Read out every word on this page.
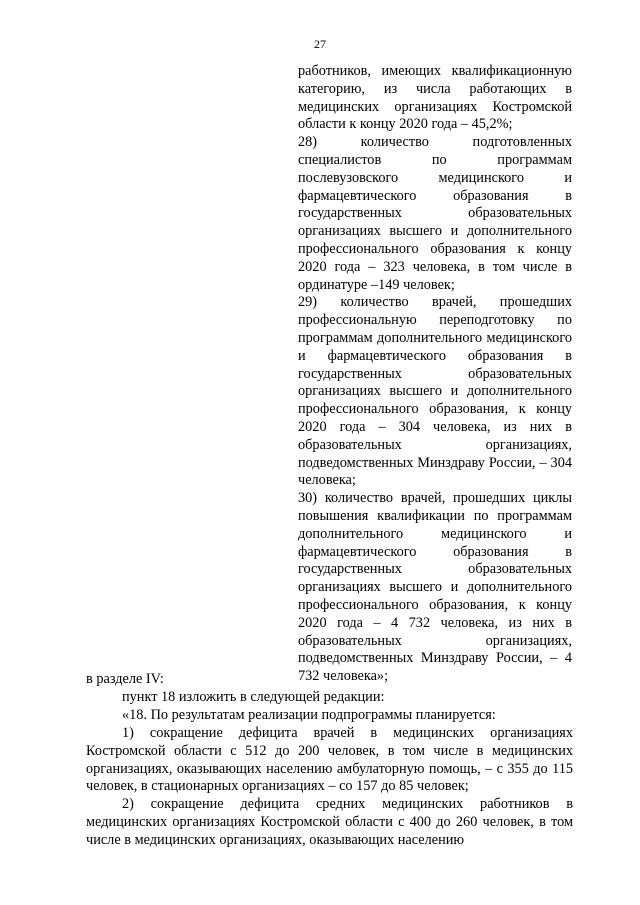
27

работников, имеющих квалификационную категорию, из числа работающих в медицинских организациях Костромской области к концу 2020 года – 45,2%;

28) количество подготовленных специалистов по программам послевузовского медицинского и фармацевтического образования в государственных образовательных организациях высшего и дополнительного профессионального образования к концу 2020 года – 323 человека, в том числе в ординатуре –149 человек;

29) количество врачей, прошедших профессиональную переподготовку по программам дополнительного медицинского и фармацевтического образования в государственных образовательных организациях высшего и дополнительного профессионального образования, к концу 2020 года – 304 человека, из них в образовательных организациях, подведомственных Минздраву России, – 304 человека;

30) количество врачей, прошедших циклы повышения квалификации по программам дополнительного медицинского и фармацевтического образования в государственных образовательных организациях высшего и дополнительного профессионального образования, к концу 2020 года – 4 732 человека, из них в образовательных организациях, подведомственных Минздраву России, – 4 732 человека»;

в разделе IV:

пункт 18 изложить в следующей редакции:

«18. По результатам реализации подпрограммы планируется:

1) сокращение дефицита врачей в медицинских организациях Костромской области с 512 до 200 человек, в том числе в медицинских организациях, оказывающих населению амбулаторную помощь, – с 355 до 115 человек, в стационарных организациях – со 157 до 85 человек;

2) сокращение дефицита средних медицинских работников в медицинских организациях Костромской области с 400 до 260 человек, в том числе в медицинских организациях, оказывающих населению
